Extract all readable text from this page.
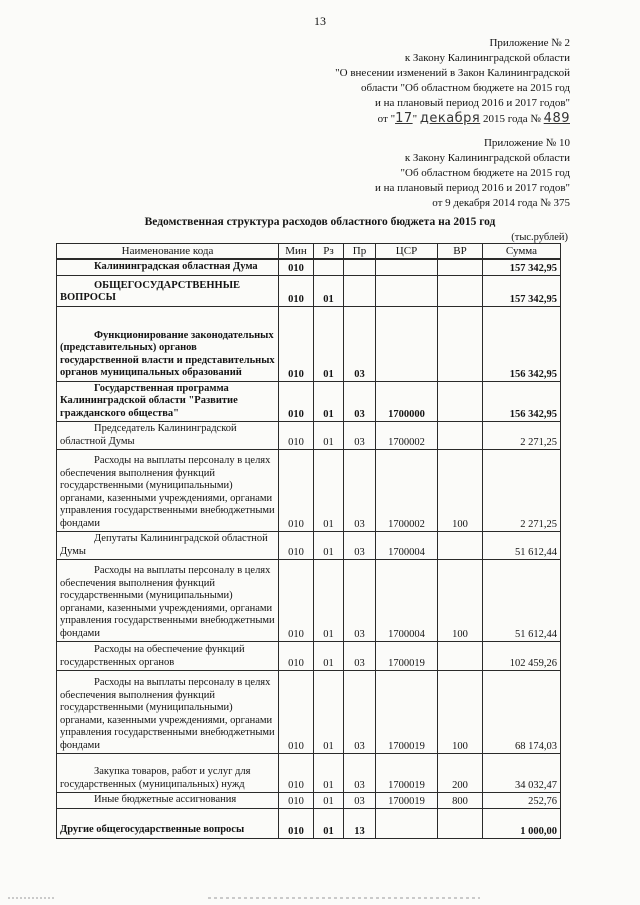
13
Приложение № 2
к Закону Калининградской области
"О внесении изменений в Закон Калининградской
области "Об областном бюджете на 2015 год
и на плановый период 2016 и 2017 годов"
от "17" декабря 2015 года № 489
Приложение № 10
к Закону Калининградской области
"Об областном бюджете на 2015 год
и на плановый период 2016 и 2017 годов"
от 9 декабря 2014 года № 375
Ведомственная структура расходов областного бюджета на 2015 год
(тыс.рублей)
Наименование кода	Мин	Рз	Пр	ЦСР	ВР	Сумма
Калининградская областная Дума	010					157 342,95
ОБЩЕГОСУДАРСТВЕННЫЕ ВОПРОСЫ	010	01				157 342,95
Функционирование законодательных (представительных) органов государственной власти и представительных органов муниципальных образований	010	01	03			156 342,95
Государственная программа Калининградской области "Развитие гражданского общества"	010	01	03	1700000		156 342,95
Председатель Калининградской областной Думы	010	01	03	1700002		2 271,25
Расходы на выплаты персоналу в целях обеспечения выполнения функций государственными (муниципальными) органами, казенными учреждениями, органами управления государственными внебюджетными фондами	010	01	03	1700002	100	2 271,25
Депутаты Калининградской областной Думы	010	01	03	1700004		51 612,44
Расходы на выплаты персоналу в целях обеспечения выполнения функций государственными (муниципальными) органами, казенными учреждениями, органами управления государственными внебюджетными фондами	010	01	03	1700004	100	51 612,44
Расходы на обеспечение функций государственных органов	010	01	03	1700019		102 459,26
Расходы на выплаты персоналу в целях обеспечения выполнения функций государственными (муниципальными) органами, казенными учреждениями, органами управления государственными внебюджетными фондами	010	01	03	1700019	100	68 174,03
Закупка товаров, работ и услуг для государственных (муниципальных) нужд	010	01	03	1700019	200	34 032,47
Иные бюджетные ассигнования	010	01	03	1700019	800	252,76
Другие общегосударственные вопросы	010	01	13			1 000,00
